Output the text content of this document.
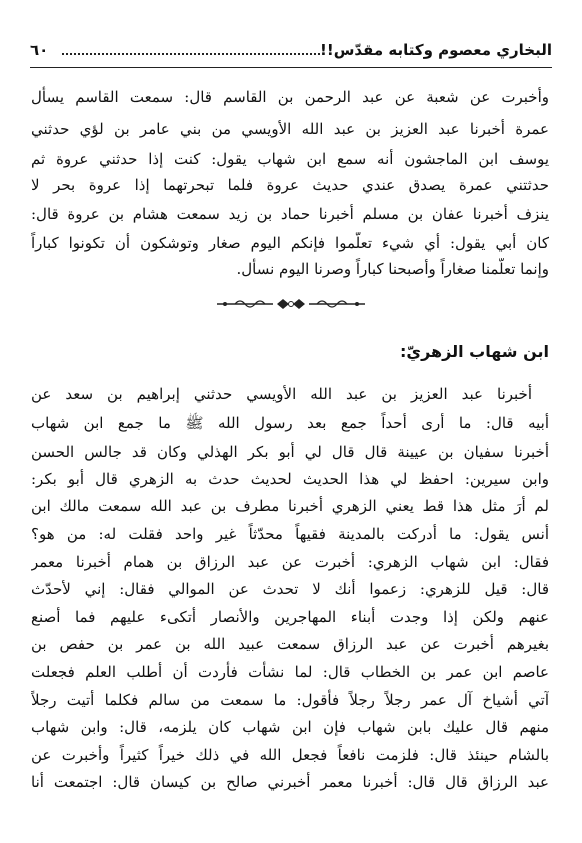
البخاري معصوم وكتابه مقدّس!!
٦٠
وأخبرت عن شعبة عن عبد الرحمن بن القاسم قال: سمعت القاسم يسأل
عمرة أخبرنا عبد العزيز بن عبد الله الأويسي من بني عامر بن لؤي حدثني
يوسف ابن الماجشون أنه سمع ابن شهاب يقول: كنت إذا حدثني عروة ثم
حدثتني عمرة يصدق عندي حديث عروة فلما تبحرتهما إذا عروة بحر لا
ينزف أخبرنا عفان بن مسلم أخبرنا حماد بن زيد سمعت هشام بن عروة قال:
كان أبي يقول: أي شيء تعلّموا فإنكم اليوم صغار وتوشكون أن تكونوا كباراً
وإنما تعلّمنا صغاراً وأصبحنا كباراً وصرنا اليوم نسأل.
ابن شهاب الزهريّ:
أخبرنا عبد العزيز بن عبد الله الأويسي حدثني إبراهيم بن سعد عن
أبيه قال: ما أرى أحداً جمع بعد رسول الله ﷺ ما جمع ابن شهاب
أخبرنا سفيان بن عيينة قال قال لي أبو بكر الهذلي وكان قد جالس الحسن
وابن سيرين: احفظ لي هذا الحديث لحديث حدث به الزهري قال أبو بكر:
لم أرَ مثل هذا قط يعني الزهري أخبرنا مطرف بن عبد الله سمعت مالك ابن
أنس يقول: ما أدركت بالمدينة فقيهاً محدّثاً غير واحد فقلت له: من هو؟
فقال: ابن شهاب الزهري: أخبرت عن عبد الرزاق بن همام أخبرنا معمر
قال: قيل للزهري: زعموا أنك لا تحدث عن الموالي فقال: إني لأحدّث
عنهم ولكن إذا وجدت أبناء المهاجرين والأنصار أتكىء عليهم فما أصنع
بغيرهم أخبرت عن عبد الرزاق سمعت عبيد الله بن عمر بن حفص بن
عاصم ابن عمر بن الخطاب قال: لما نشأت فأردت أن أطلب العلم فجعلت
آتي أشياخ آل عمر رجلاً رجلاً فأقول: ما سمعت من سالم فكلما أتيت رجلاً
منهم قال عليك بابن شهاب فإن ابن شهاب كان يلزمه، قال: وابن شهاب
بالشام حينئذ قال: فلزمت نافعاً فجعل الله في ذلك خيراً كثيراً وأخبرت عن
عبد الرزاق قال قال: أخبرنا معمر أخبرني صالح بن كيسان قال: اجتمعت أنا
